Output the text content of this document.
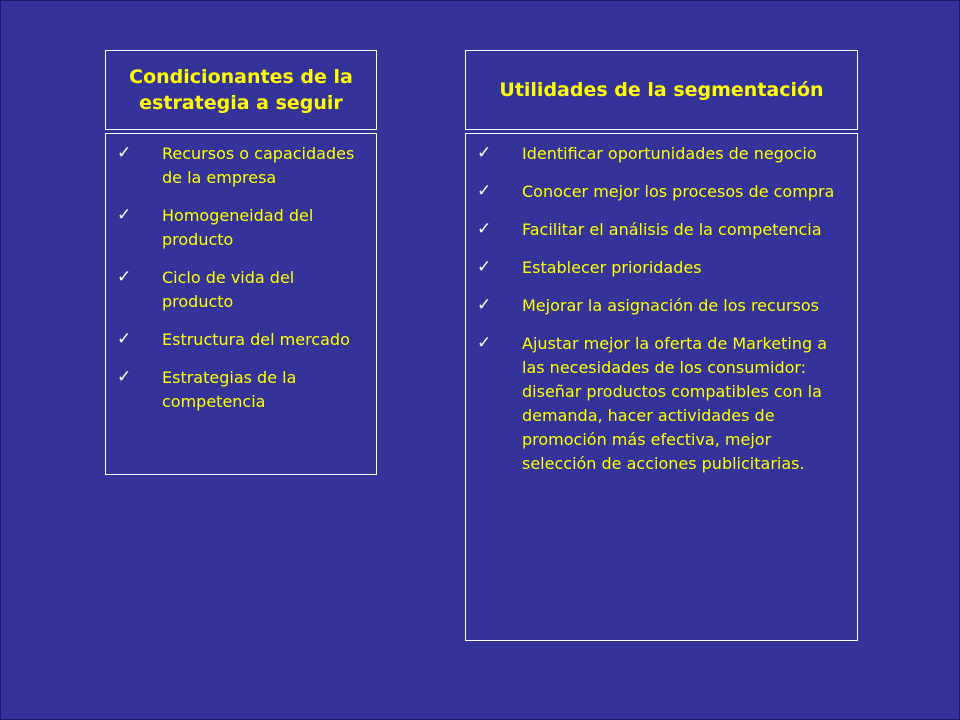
Condicionantes de la
estrategia a seguir
Utilidades de la segmentación
✓ Recursos o capacidades de la empresa
✓ Homogeneidad del producto
✓ Ciclo de vida del producto
✓ Estructura del mercado
✓ Estrategias de la competencia
✓ Identificar oportunidades de negocio
✓ Conocer mejor los procesos de compra
✓ Facilitar el análisis de la competencia
✓ Establecer prioridades
✓ Mejorar la asignación de los recursos
✓ Ajustar mejor la oferta de Marketing a las necesidades de los consumidor: diseñar productos compatibles con la demanda, hacer actividades de promoción más efectiva, mejor selección de acciones publicitarias.
